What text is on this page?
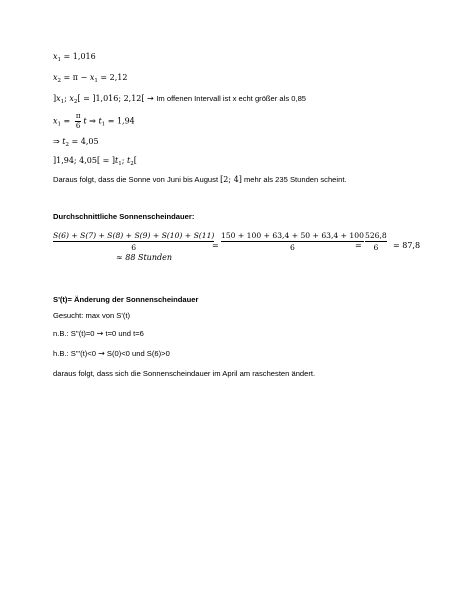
$x_1 = 1,016$
$x_2 = \pi - x_1 = 2,12$
]$x_1$; $x_2[ = ]1,016$; 2,12[ → Im offenen Intervall ist x echt größer als 0,85
$x_1 = \frac{\pi}{6}$ t ⇒ $t_1 = 1,94$
⇒ $t_2 = 4,05$
]1,94; $4,05[ = ]t_1$; $t_2$[
Daraus folgt, dass die Sonne von Juni bis August [2; 4] mehr als 235 Stunden scheint.
Durchschnittliche Sonnenscheindauer:
$\frac{S(6) + S(7) + S(8) + S(9) + S(10) + S(11)}{6}$
= $\frac{150 + 100 + 63,4 + 50 + 63,4 + 100}{6}$
= $\frac{526,8}{6} = 87,8$
≈ 88 Stunden
S'(t)= Änderung der Sonnenscheindauer
Gesucht: max von S'(t)
n.B.: S''(t)=0 → t=0 und t=6
h.B.: S'''(t)<0 → S(0)<0 und S(6)>0
daraus folgt, dass sich die Sonnenscheindauer im April am raschesten ändert.
